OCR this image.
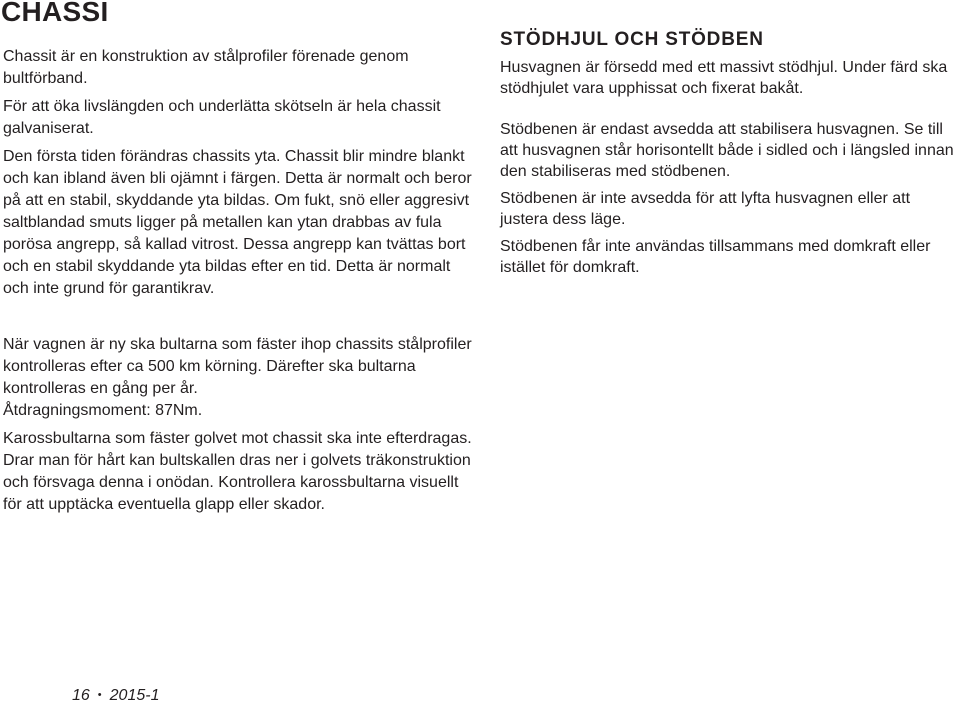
CHASSI

Chassit är en konstruktion av stålprofiler förenade genom bultförband.

För att öka livslängden och underlätta skötseln är hela chassit galvaniserat.

Den första tiden förändras chassits yta. Chassit blir mindre blankt och kan ibland även bli ojämnt i färgen. Detta är normalt och beror på att en stabil, skyddande yta bildas. Om fukt, snö eller aggresivt saltblandad smuts ligger på metallen kan ytan drabbas av fula porösa angrepp, så kallad vitrost. Dessa angrepp kan tvättas bort och en stabil skyddande yta bildas efter en tid. Detta är normalt och inte grund för garantikrav.

STÖDHJUL OCH STÖDBEN

Husvagnen är försedd med ett massivt stödhjul. Under färd ska stödhjulet vara upphissat och fixerat bakåt.

Stödbenen är endast avsedda att stabilisera husvagnen. Se till att husvagnen står horisontellt både i sidled och i längsled innan den stabiliseras med stödbenen.

Stödbenen är inte avsedda för att lyfta husvagnen eller att justera dess läge.

Stödbenen får inte användas tillsammans med domkraft eller istället för domkraft.

När vagnen är ny ska bultarna som fäster ihop chassits stålprofiler kontrolleras efter ca 500 km körning. Därefter ska bultarna kontrolleras en gång per år.

Åtdragningsmoment: 87Nm.

Karossbultarna som fäster golvet mot chassit ska inte efterdragas. Drar man för hårt kan bultskallen dras ner i golvets träkonstruktion och försvaga denna i onödan. Kontrollera karossbultarna visuellt för att upptäcka eventuella glapp eller skador.

16 • 2015-1
